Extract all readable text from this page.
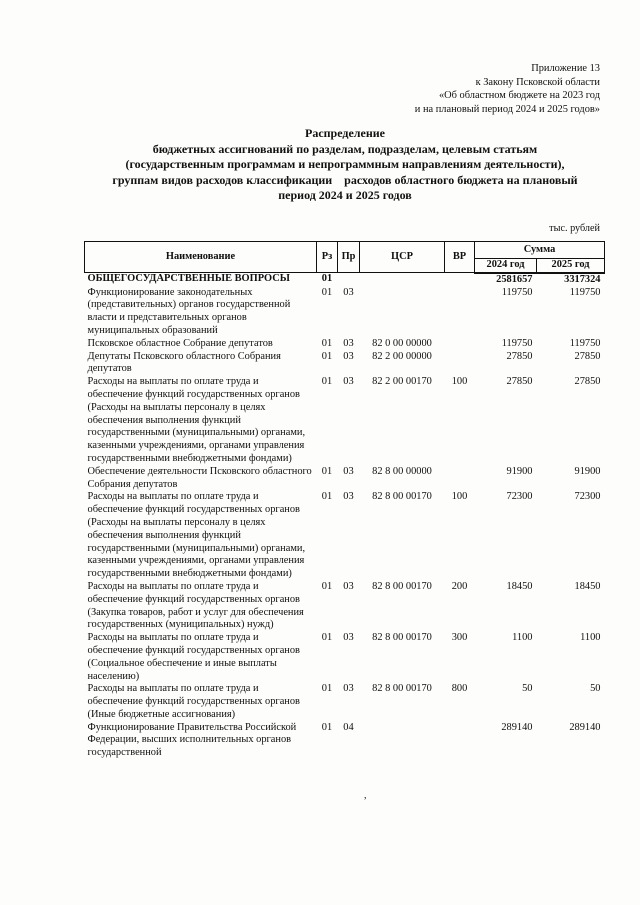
Приложение 13
к Закону Псковской области
«Об областном бюджете на 2023 год
и на плановый период 2024 и 2025 годов»
Распределение
бюджетных ассигнований по разделам, подразделам, целевым статьям
(государственным программам и непрограммным направлениям деятельности),
группам видов расходов классификации    расходов областного бюджета на плановый
период 2024 и 2025 годов
тыс. рублей
Наименование	Рз	Пр	ЦСР	ВР	Сумма	
					2024 год	2025 год
ОБЩЕГОСУДАРСТВЕННЫЕ ВОПРОСЫ	01				2581657	3317324
Функционирование законодательных (представительных) органов государственной власти и представительных органов муниципальных образований	01	03			119750	119750
Псковское областное Собрание депутатов	01	03	82 0 00 00000		119750	119750
Депутаты Псковского областного Собрания депутатов	01	03	82 2 00 00000		27850	27850
Расходы на выплаты по оплате труда и обеспечение функций государственных органов (Расходы на выплаты персоналу в целях обеспечения выполнения функций государственными (муниципальными) органами, казенными учреждениями, органами управления государственными внебюджетными фондами)	01	03	82 2 00 00170	100	27850	27850
Обеспечение деятельности Псковского областного Собрания депутатов	01	03	82 8 00 00000		91900	91900
Расходы на выплаты по оплате труда и обеспечение функций государственных органов (Расходы на выплаты персоналу в целях обеспечения выполнения функций государственными (муниципальными) органами, казенными учреждениями, органами управления государственными внебюджетными фондами)	01	03	82 8 00 00170	100	72300	72300
Расходы на выплаты по оплате труда и обеспечение функций государственных органов (Закупка товаров, работ и услуг для обеспечения государственных (муниципальных) нужд)	01	03	82 8 00 00170	200	18450	18450
Расходы на выплаты по оплате труда и обеспечение функций государственных органов (Социальное обеспечение и иные выплаты населению)	01	03	82 8 00 00170	300	1100	1100
Расходы на выплаты по оплате труда и обеспечение функций государственных органов (Иные бюджетные ассигнования)	01	03	82 8 00 00170	800	50	50
Функционирование Правительства Российской Федерации, высших исполнительных органов государственной	01	04			289140	289140
,
